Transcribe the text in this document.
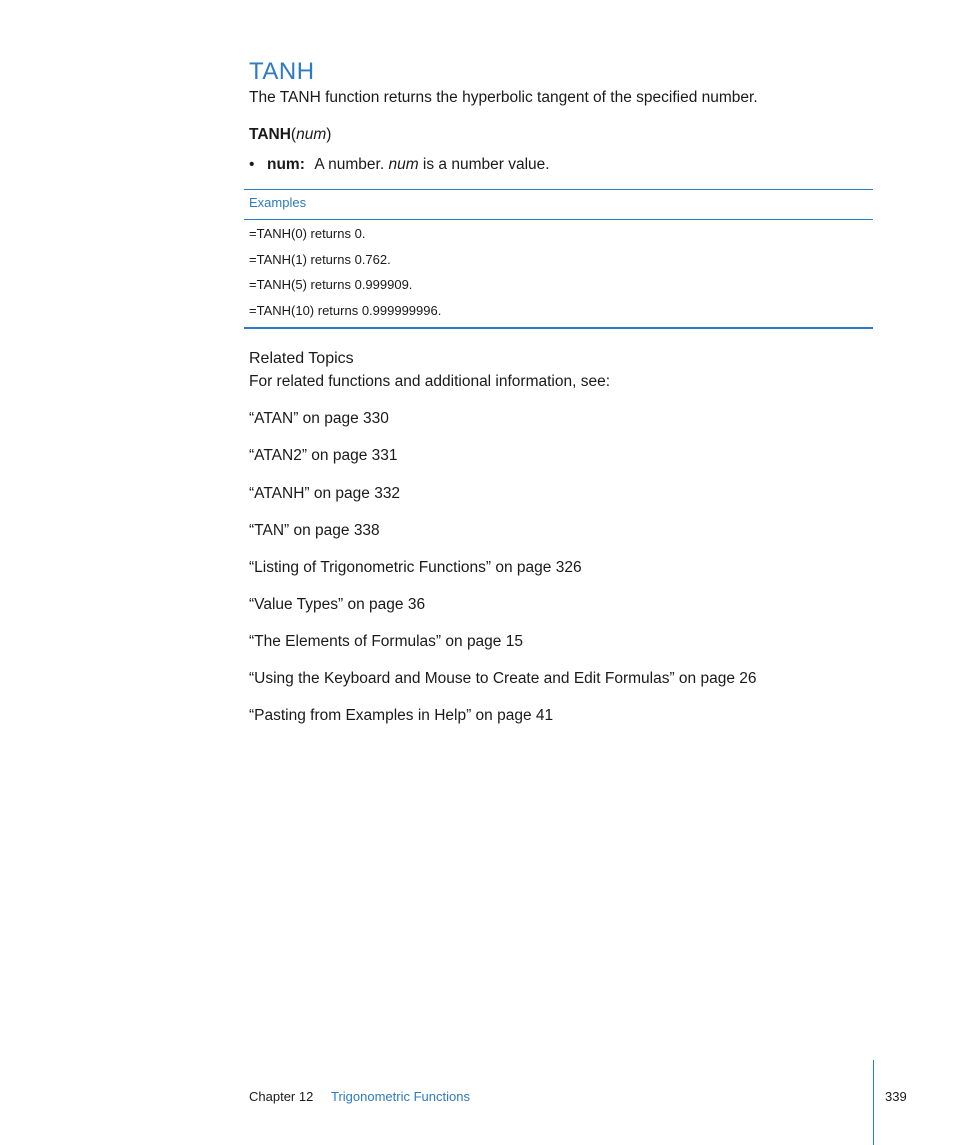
TANH

The TANH function returns the hyperbolic tangent of the specified number.

TANH(num)

• num: A number. num is a number value.
Examples
=TANH(0) returns 0.
=TANH(1) returns 0.762.
=TANH(5) returns 0.999909.
=TANH(10) returns 0.999999996.
Related Topics

For related functions and additional information, see:

“ATAN” on page 330
“ATAN2” on page 331
“ATANH” on page 332
“TAN” on page 338
“Listing of Trigonometric Functions” on page 326
“Value Types” on page 36
“The Elements of Formulas” on page 15
“Using the Keyboard and Mouse to Create and Edit Formulas” on page 26
“Pasting from Examples in Help” on page 41
Chapter 12 Trigonometric Functions	339
